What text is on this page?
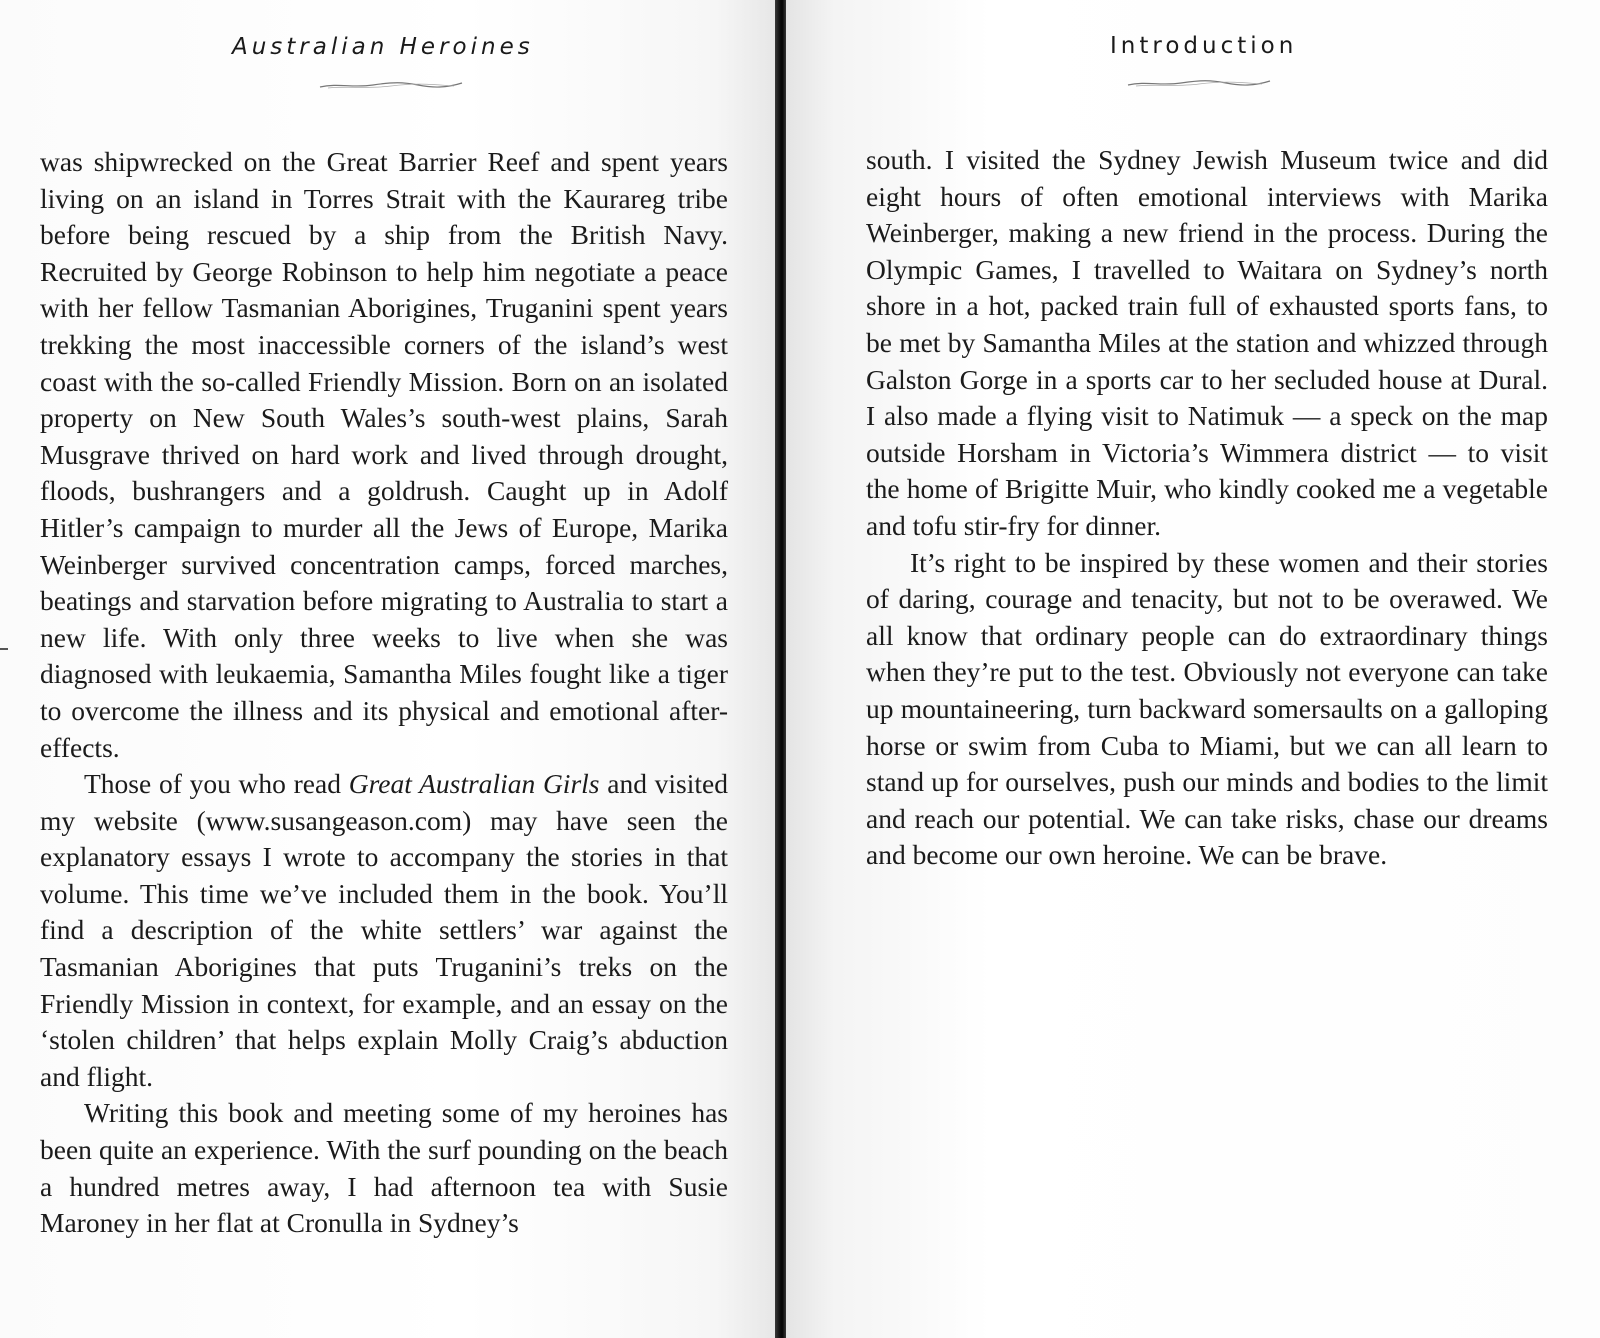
Australian Heroines

was shipwrecked on the Great Barrier Reef and spent years living on an island in Torres Strait with the Kaurareg tribe before being rescued by a ship from the British Navy. Recruited by George Robinson to help him negotiate a peace with her fellow Tasmanian Aborigines, Truganini spent years trekking the most inaccessible corners of the island’s west coast with the so-called Friendly Mission. Born on an isolated property on New South Wales’s south-west plains, Sarah Musgrave thrived on hard work and lived through drought, floods, bushrangers and a goldrush. Caught up in Adolf Hitler’s campaign to murder all the Jews of Europe, Marika Weinberger survived concentration camps, forced marches, beatings and starvation before migrating to Australia to start a new life. With only three weeks to live when she was diagnosed with leukaemia, Samantha Miles fought like a tiger to overcome the illness and its physical and emotional after-effects.

Those of you who read Great Australian Girls and visited my website (www.susangeason.com) may have seen the explanatory essays I wrote to accompany the stories in that volume. This time we’ve included them in the book. You’ll find a description of the white settlers’ war against the Tasmanian Aborigines that puts Truganini’s treks on the Friendly Mission in context, for example, and an essay on the ‘stolen children’ that helps explain Molly Craig’s abduction and flight.

Writing this book and meeting some of my heroines has been quite an experience. With the surf pounding on the beach a hundred metres away, I had afternoon tea with Susie Maroney in her flat at Cronulla in Sydney’s

Introduction

south. I visited the Sydney Jewish Museum twice and did eight hours of often emotional interviews with Marika Weinberger, making a new friend in the process. During the Olympic Games, I travelled to Waitara on Sydney’s north shore in a hot, packed train full of exhausted sports fans, to be met by Samantha Miles at the station and whizzed through Galston Gorge in a sports car to her secluded house at Dural. I also made a flying visit to Natimuk — a speck on the map outside Horsham in Victoria’s Wimmera district — to visit the home of Brigitte Muir, who kindly cooked me a vegetable and tofu stir-fry for dinner.

It’s right to be inspired by these women and their stories of daring, courage and tenacity, but not to be overawed. We all know that ordinary people can do extraordinary things when they’re put to the test. Obviously not everyone can take up mountaineering, turn backward somersaults on a galloping horse or swim from Cuba to Miami, but we can all learn to stand up for ourselves, push our minds and bodies to the limit and reach our potential. We can take risks, chase our dreams and become our own heroine. We can be brave.
